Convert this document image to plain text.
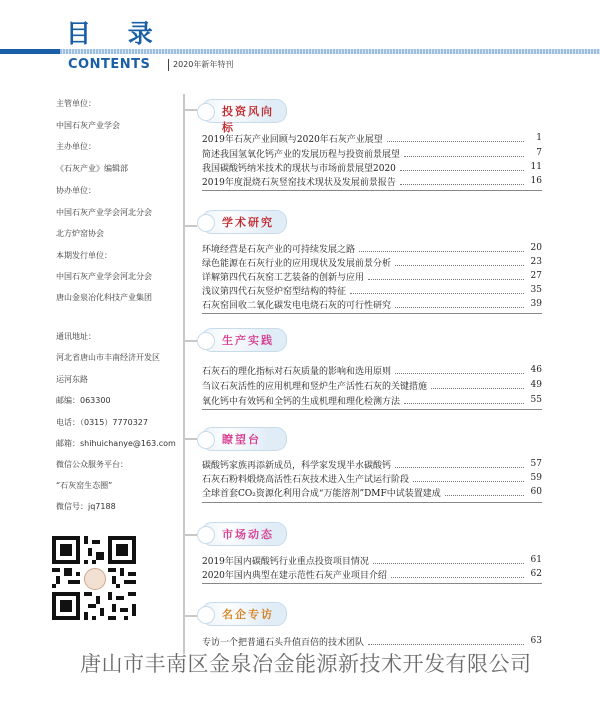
目 录
CONTENTS	2020年新年特刊
主管单位：
中国石灰产业学会
主办单位：
《石灰产业》编辑部
协办单位：
中国石灰产业学会河北分会
北方炉窑协会
本期发行单位：
中国石灰产业学会河北分会
唐山金泉冶化科技产业集团
通讯地址：
河北省唐山市丰南经济开发区
运河东路
邮编：063300
电话：（0315）7770327
邮箱：shihuichanye@163.com
微信公众服务平台：
“石灰窑生态圈”
微信号：jq7188
投资风向标
2019年石灰产业回顾与2020年石灰产业展望	1
简述我国氢氧化钙产业的发展历程与投资前景展望	7
我国碳酸钙纳米技术的现状与市场前景展望2020	11
2019年度混烧石灰竖窑技术现状及发展前景报告	16
学术研究
环境经营是石灰产业的可持续发展之路	20
绿色能源在石灰行业的应用现状及发展前景分析	23
详解第四代石灰窑工艺装备的创新与应用	27
浅议第四代石灰竖炉窑型结构的特征	35
石灰窑回收二氧化碳发电电烧石灰的可行性研究	39
生产实践
石灰石的理化指标对石灰质量的影响和选用原则	46
刍议石灰活性的应用机理和竖炉生产活性石灰的关键措施	49
氧化钙中有效钙和全钙的生成机理和理化检测方法	55
瞭望台
碳酸钙家族再添新成员，科学家发现半水碳酸钙	57
石灰石粉料煅烧高活性石灰技术进入生产试运行阶段	59
全球首套CO₂资源化利用合成“万能溶剂”DMF中试装置建成	60
市场动态
2019年国内碳酸钙行业重点投资项目情况	61
2020年国内典型在建示范性石灰产业项目介绍	62
名企专访
专访一个把普通石头升值百倍的技术团队	63
唐山市丰南区金泉冶金能源新技术开发有限公司
